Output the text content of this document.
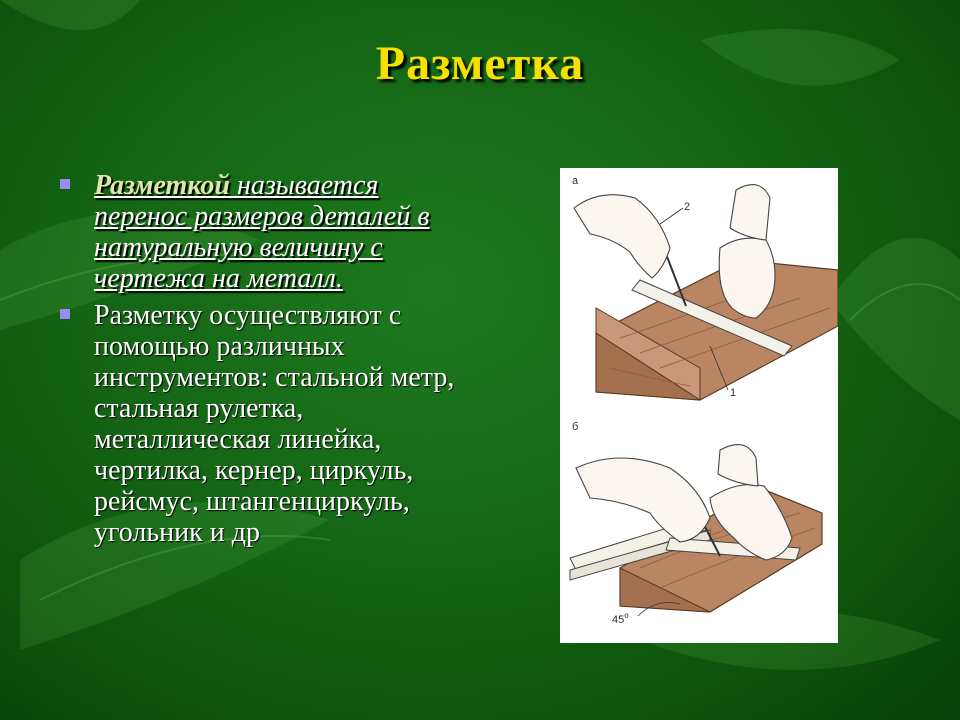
Разметка
Разметкой называется перенос размеров деталей в натуральную величину с чертежа на металл.
Разметку осуществляют с помощью различных инструментов: стальной метр, стальная рулетка, металлическая линейка, чертилка, кернер, циркуль, рейсмус, штангенциркуль, угольник и др
а
2
1
б
$45^о$
